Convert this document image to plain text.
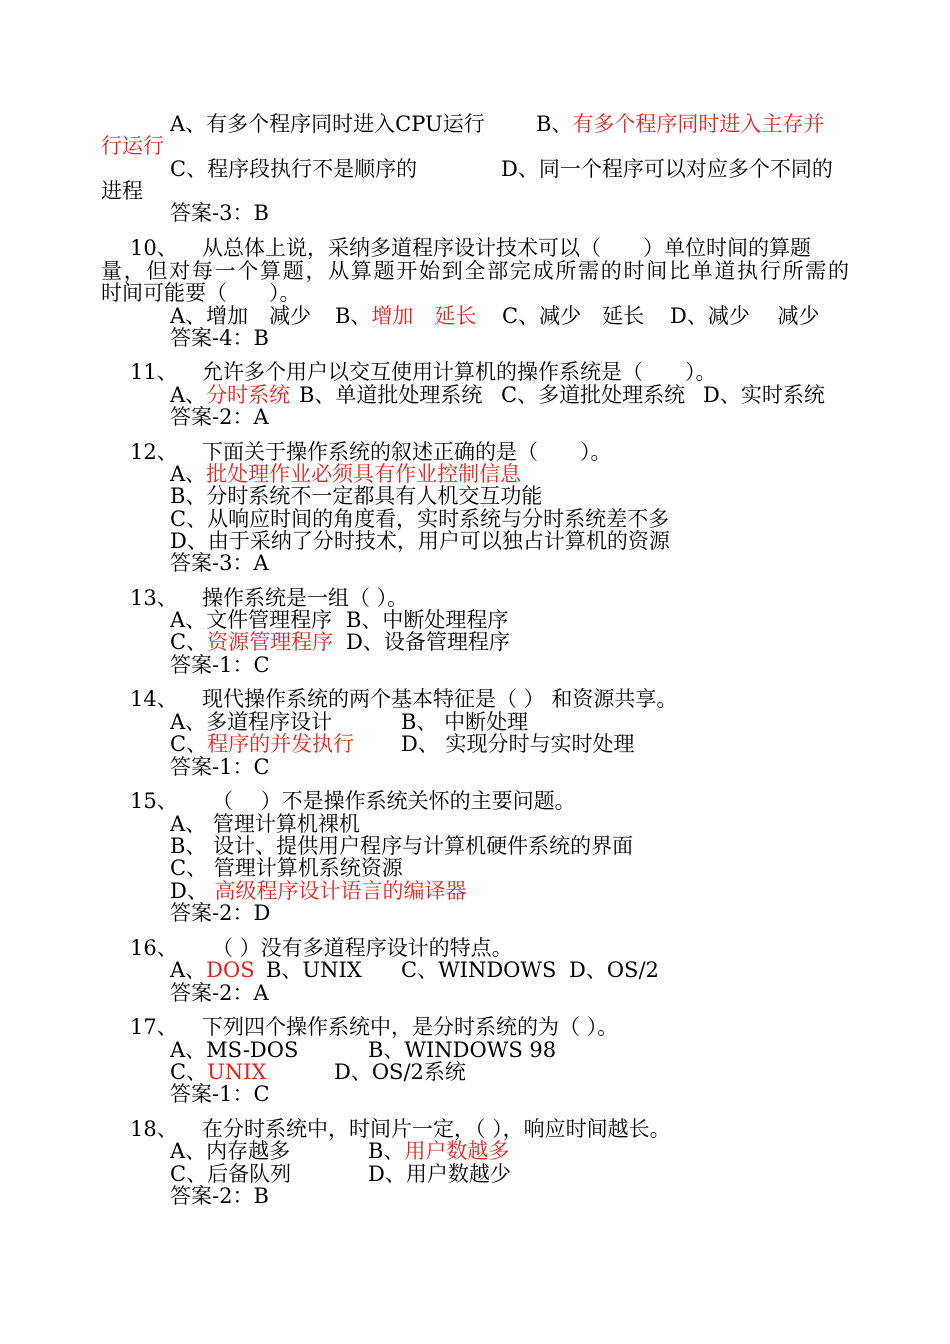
A、有多个程序同时进入CPU运行 B、有多个程序同时进入主存并
行运行
C、程序段执行不是顺序的	D、同一个程序可以对应多个不同的
进程
答案-3：B
10、 从总体上说，采纳多道程序设计技术可以（　　）单位时间的算题
量，但对每一个算题，从算题开始到全部完成所需的时间比单道执行所需的
时间可能要（　　）。
A、增加　减少 B、增加　延长 C、减少　延长 D、减少　 减少
答案-4：B
11、 允许多个用户以交互使用计算机的操作系统是（　　）。
A、分时系统 B、单道批处理系统 C、多道批处理系统 D、实时系统
答案-2：A
12、 下面关于操作系统的叙述正确的是（　　）。
A、批处理作业必须具有作业控制信息
B、分时系统不一定都具有人机交互功能
C、从响应时间的角度看，实时系统与分时系统差不多
D、由于采纳了分时技术，用户可以独占计算机的资源
答案-3：A
13、 操作系统是一组（ ）。
A、文件管理程序 B、中断处理程序
C、资源管理程序 D、设备管理程序
答案-1：C
14、 现代操作系统的两个基本特征是（ ） 和资源共享。
A、多道程序设计	B、 中断处理
C、程序的并发执行 D、 实现分时与实时处理
答案-1：C
15、 （　 ）不是操作系统关怀的主要问题。
A、 管理计算机裸机
B、 设计、提供用户程序与计算机硬件系统的界面
C、 管理计算机系统资源
D、 高级程序设计语言的编译器
答案-2：D
16、 （ ）没有多道程序设计的特点。
A、DOS B、UNIX C、WINDOWS D、OS/2
答案-2：A
17、 下列四个操作系统中，是分时系统的为（ ）。
A、MS-DOS	B、WINDOWS 98
C、UNIX	D、OS/2系统
答案-1：C
18、 在分时系统中，时间片一定，（ ），响应时间越长。
A、内存越多	B、用户数越多
C、后备队列	D、用户数越少
答案-2：B
